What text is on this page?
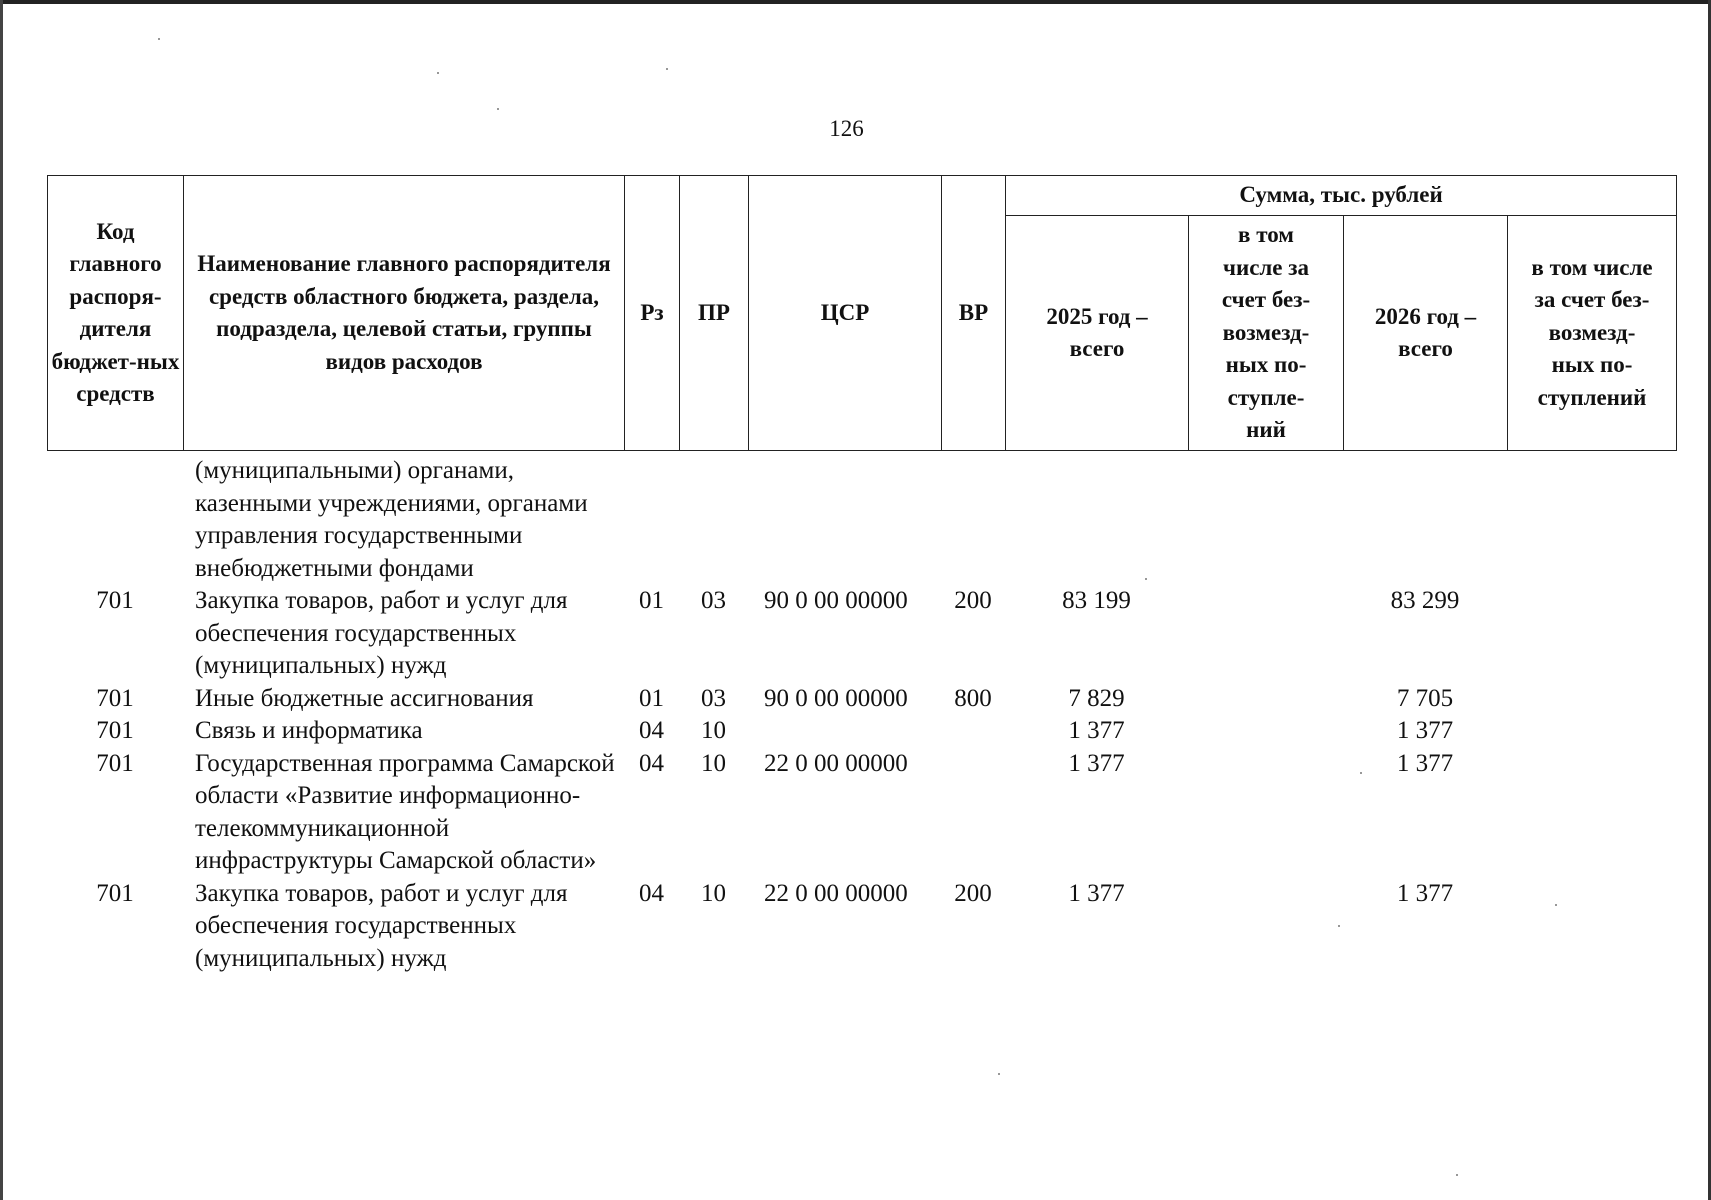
126
Код главного распоря-дителя бюджет-ных средств	Наименование главного распорядителя средств областного бюджета, раздела, подраздела, целевой статьи, группы видов расходов	Рз	ПР	ЦСР	ВР	Сумма, тыс. рублей			
						2025 год – всего	в том числе за счет без-возмезд-ных по-ступле-ний	2026 год – всего	в том числе за счет без-возмезд-ных по-ступлений
	(муниципальными) органами, казенными учреждениями, органами управления государственными внебюджетными фондами								
701	Закупка товаров, работ и услуг для обеспечения государственных (муниципальных) нужд	01	03	90 0 00 00000	200	83 199		83 299	
701	Иные бюджетные ассигнования	01	03	90 0 00 00000	800	7 829		7 705	
701	Связь и информатика	04	10			1 377		1 377	
701	Государственная программа Самарской области «Развитие информационно-телекоммуникационной инфраструктуры Самарской области»	04	10	22 0 00 00000		1 377		1 377	
701	Закупка товаров, работ и услуг для обеспечения государственных (муниципальных) нужд	04	10	22 0 00 00000	200	1 377		1 377	
